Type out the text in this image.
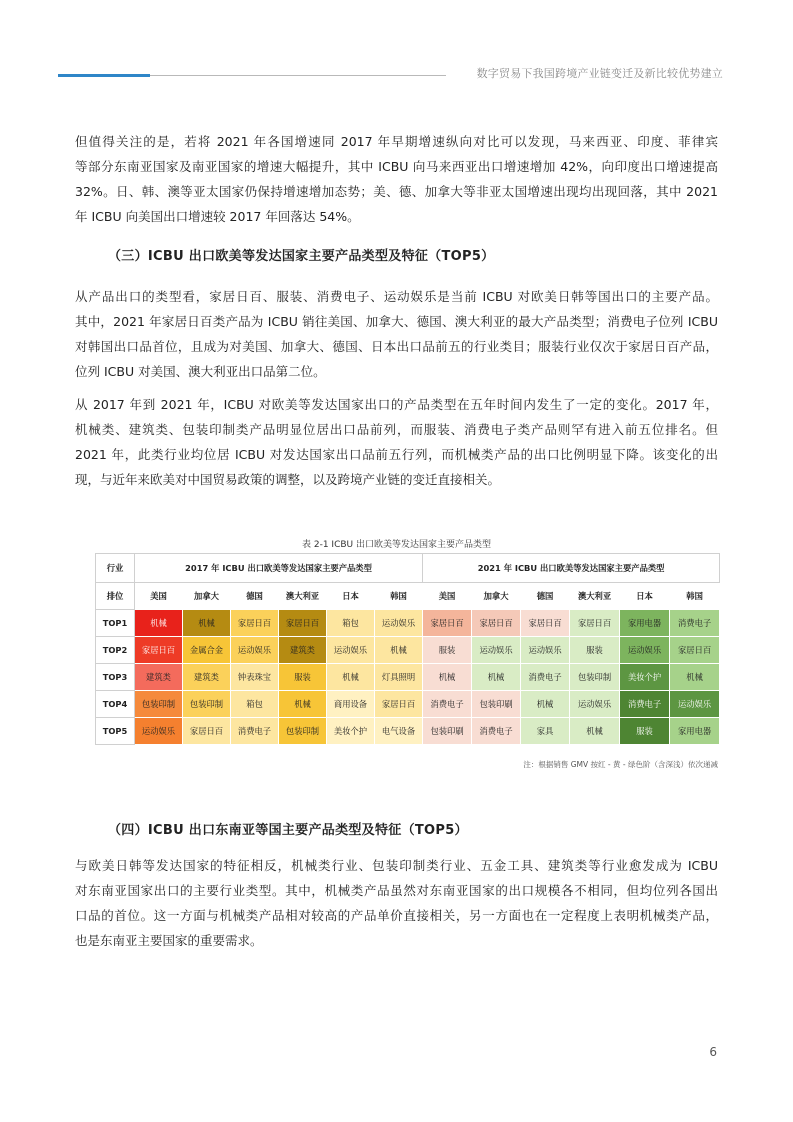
数字贸易下我国跨境产业链变迁及新比较优势建立
但值得关注的是，若将 2021 年各国增速同 2017 年早期增速纵向对比可以发现，马来西亚、印度、菲律宾
等部分东南亚国家及南亚国家的增速大幅提升，其中 ICBU 向马来西亚出口增速增加 42%，向印度出口增速提高
32%。日、韩、澳等亚太国家仍保持增速增加态势；美、德、加拿大等非亚太国增速出现均出现回落，其中 2021
年 ICBU 向美国出口增速较 2017 年回落达 54%。
（三）ICBU 出口欧美等发达国家主要产品类型及特征（TOP5）
从产品出口的类型看，家居日百、服装、消费电子、运动娱乐是当前 ICBU 对欧美日韩等国出口的主要产品。
其中，2021 年家居日百类产品为 ICBU 销往美国、加拿大、德国、澳大利亚的最大产品类型；消费电子位列 ICBU
对韩国出口品首位，且成为对美国、加拿大、德国、日本出口品前五的行业类目；服装行业仅次于家居日百产品，
位列 ICBU 对美国、澳大利亚出口品第二位。
从 2017 年到 2021 年，ICBU 对欧美等发达国家出口的产品类型在五年时间内发生了一定的变化。2017 年，
机械类、建筑类、包装印制类产品明显位居出口品前列，而服装、消费电子类产品则罕有进入前五位排名。但
2021 年，此类行业均位居 ICBU 对发达国家出口品前五行列，而机械类产品的出口比例明显下降。该变化的出
现，与近年来欧美对中国贸易政策的调整，以及跨境产业链的变迁直接相关。
表 2-1 ICBU 出口欧美等发达国家主要产品类型
行业	2017 年 ICBU 出口欧美等发达国家主要产品类型						2021 年 ICBU 出口欧美等发达国家主要产品类型					
排位	美国	加拿大	德国	澳大利亚	日本	韩国	美国	加拿大	德国	澳大利亚	日本	韩国
TOP1	机械	机械	家居日百	家居日百	箱包	运动娱乐	家居日百	家居日百	家居日百	家居日百	家用电器	消费电子
TOP2	家居日百	金属合金	运动娱乐	建筑类	运动娱乐	机械	服装	运动娱乐	运动娱乐	服装	运动娱乐	家居日百
TOP3	建筑类	建筑类	钟表珠宝	服装	机械	灯具照明	机械	机械	消费电子	包装印制	美妆个护	机械
TOP4	包装印制	包装印制	箱包	机械	商用设备	家居日百	消费电子	包装印刷	机械	运动娱乐	消费电子	运动娱乐
TOP5	运动娱乐	家居日百	消费电子	包装印制	美妆个护	电气设备	包装印刷	消费电子	家具	机械	服装	家用电器
注：根据销售 GMV 按红 - 黄 - 绿色阶（含深浅）依次递减
（四）ICBU 出口东南亚等国主要产品类型及特征（TOP5）
与欧美日韩等发达国家的特征相反，机械类行业、包装印制类行业、五金工具、建筑类等行业愈发成为 ICBU
对东南亚国家出口的主要行业类型。其中，机械类产品虽然对东南亚国家的出口规模各不相同，但均位列各国出
口品的首位。这一方面与机械类产品相对较高的产品单价直接相关，另一方面也在一定程度上表明机械类产品，
也是东南亚主要国家的重要需求。
6
